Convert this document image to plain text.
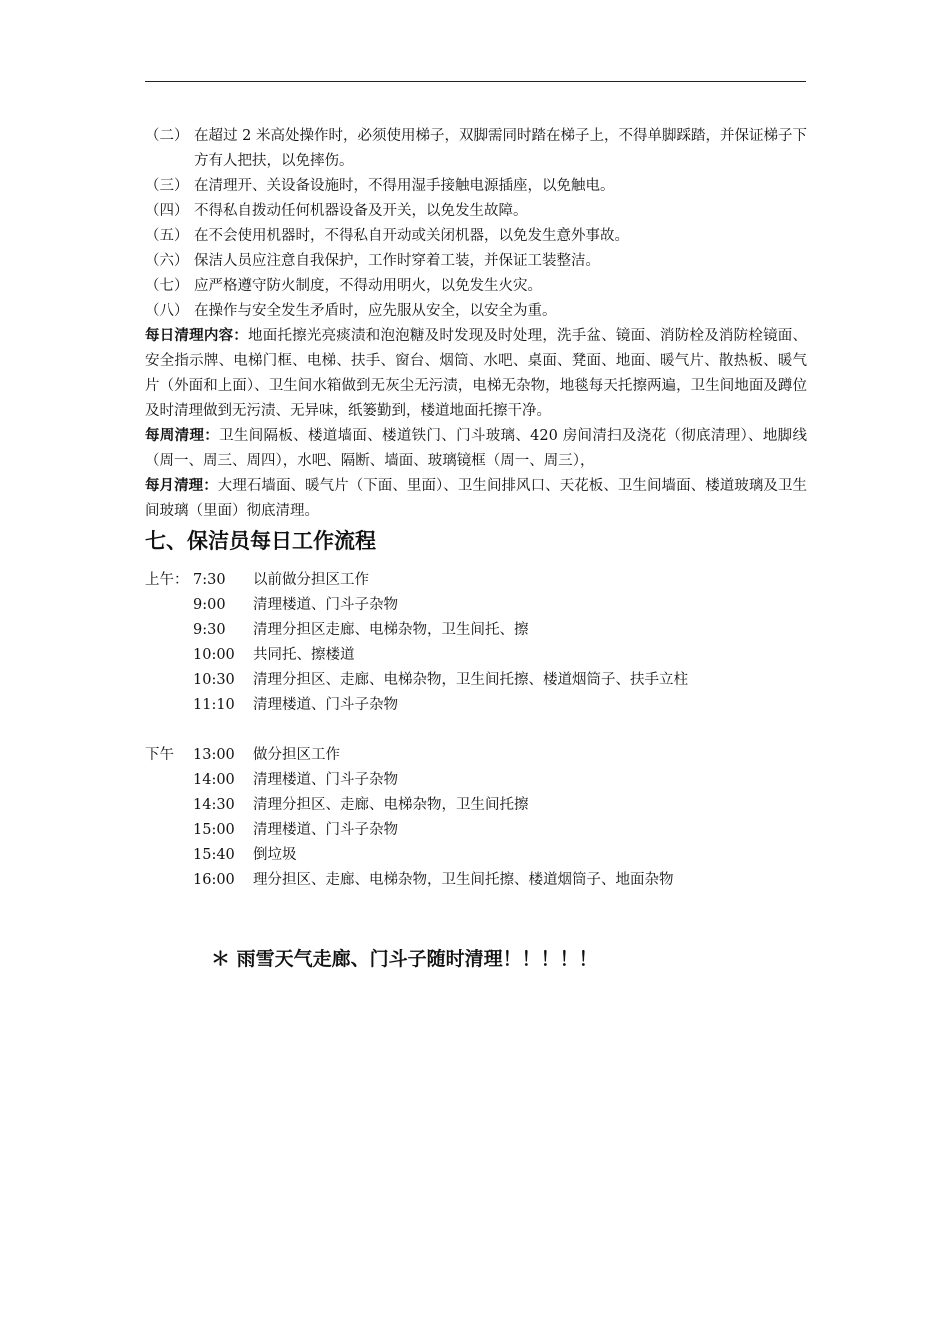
（二） 在超过 2 米高处操作时，必须使用梯子，双脚需同时踏在梯子上，不得单脚踩踏，并保证梯子下方有人把扶，以免摔伤。
（三） 在清理开、关设备设施时，不得用湿手接触电源插座，以免触电。
（四） 不得私自拨动任何机器设备及开关，以免发生故障。
（五） 在不会使用机器时，不得私自开动或关闭机器，以免发生意外事故。
（六） 保洁人员应注意自我保护，工作时穿着工装，并保证工装整洁。
（七） 应严格遵守防火制度，不得动用明火，以免发生火灾。
（八） 在操作与安全发生矛盾时，应先服从安全，以安全为重。
每日清理内容：地面托擦光亮痰渍和泡泡糖及时发现及时处理，洗手盆、镜面、消防栓及消防栓镜面、安全指示牌、电梯门框、电梯、扶手、窗台、烟筒、水吧、桌面、凳面、地面、暖气片、散热板、暖气片（外面和上面）、卫生间水箱做到无灰尘无污渍，电梯无杂物，地毯每天托擦两遍，卫生间地面及蹲位及时清理做到无污渍、无异味，纸篓勤到，楼道地面托擦干净。
每周清理：卫生间隔板、楼道墙面、楼道铁门、门斗玻璃、420 房间清扫及浇花（彻底清理）、地脚线（周一、周三、周四），水吧、隔断、墙面、玻璃镜框（周一、周三），
每月清理：大理石墙面、暖气片（下面、里面）、卫生间排风口、天花板、卫生间墙面、楼道玻璃及卫生间玻璃（里面）彻底清理。
七、保洁员每日工作流程
上午： 7:30 以前做分担区工作
9:00 清理楼道、门斗子杂物
9:30 清理分担区走廊、电梯杂物，卫生间托、擦
10:00 共同托、擦楼道
10:30 清理分担区、走廊、电梯杂物，卫生间托擦、楼道烟筒子、扶手立柱
11:10 清理楼道、门斗子杂物
下午 13:00 做分担区工作
14:00 清理楼道、门斗子杂物
14:30 清理分担区、走廊、电梯杂物，卫生间托擦
15:00 清理楼道、门斗子杂物
15:40 倒垃圾
16:00 理分担区、走廊、电梯杂物，卫生间托擦、楼道烟筒子、地面杂物
＊ 雨雪天气走廊、门斗子随时清理！！！！！
